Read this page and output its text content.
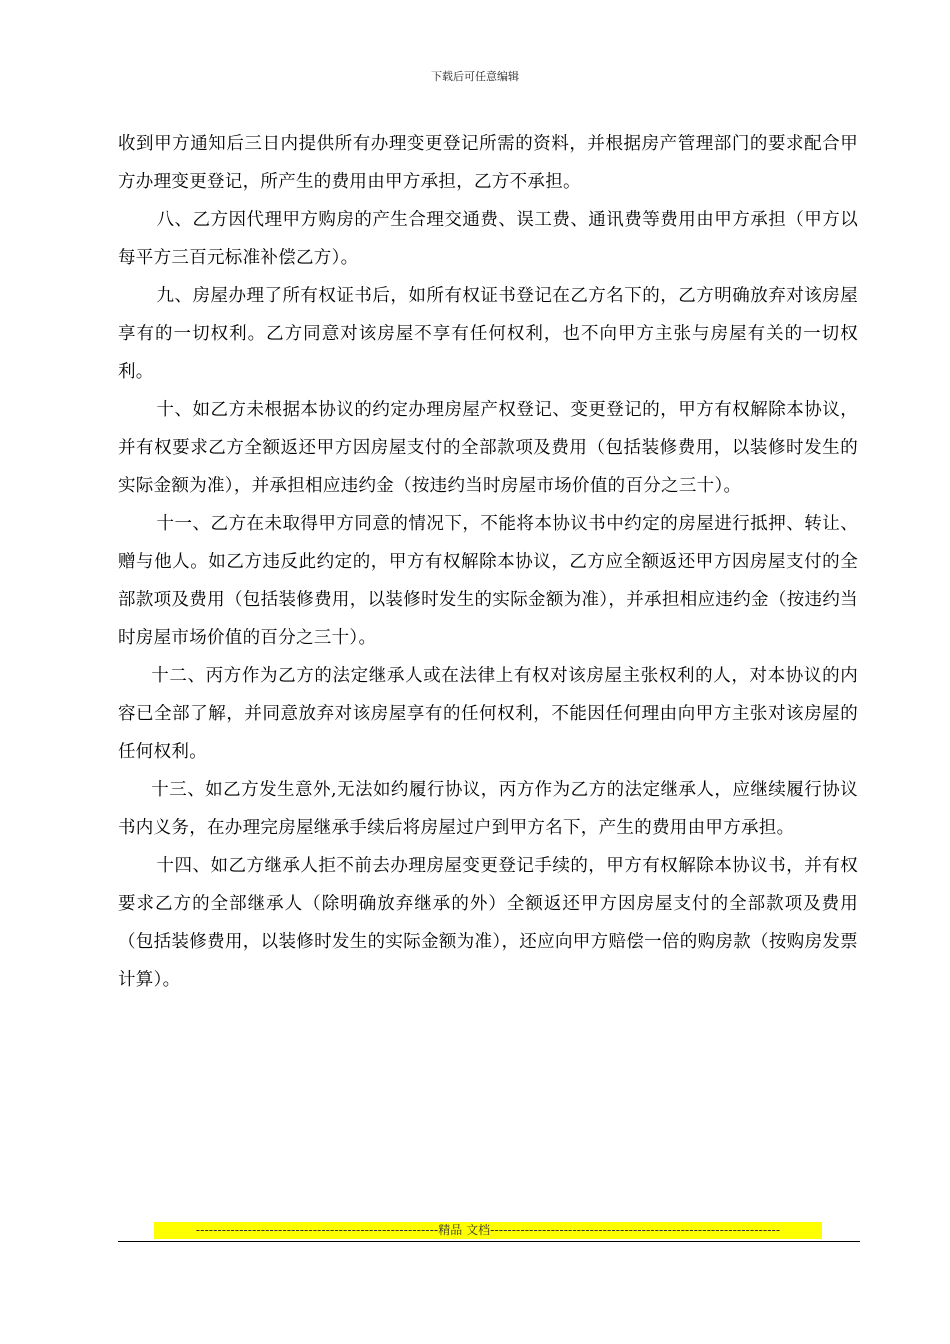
下载后可任意编辑

收到甲方通知后三日内提供所有办理变更登记所需的资料，并根据房产管理部门的要求配合甲方办理变更登记，所产生的费用由甲方承担，乙方不承担。

八、乙方因代理甲方购房的产生合理交通费、误工费、通讯费等费用由甲方承担（甲方以每平方三百元标准补偿乙方）。

九、房屋办理了所有权证书后，如所有权证书登记在乙方名下的，乙方明确放弃对该房屋享有的一切权利。乙方同意对该房屋不享有任何权利，也不向甲方主张与房屋有关的一切权利。

十、如乙方未根据本协议的约定办理房屋产权登记、变更登记的，甲方有权解除本协议，并有权要求乙方全额返还甲方因房屋支付的全部款项及费用（包括装修费用，以装修时发生的实际金额为准），并承担相应违约金（按违约当时房屋市场价值的百分之三十）。

十一、乙方在未取得甲方同意的情况下，不能将本协议书中约定的房屋进行抵押、转让、赠与他人。如乙方违反此约定的，甲方有权解除本协议，乙方应全额返还甲方因房屋支付的全部款项及费用（包括装修费用，以装修时发生的实际金额为准），并承担相应违约金（按违约当时房屋市场价值的百分之三十）。

十二、丙方作为乙方的法定继承人或在法律上有权对该房屋主张权利的人，对本协议的内容已全部了解，并同意放弃对该房屋享有的任何权利，不能因任何理由向甲方主张对该房屋的任何权利。

十三、如乙方发生意外,无法如约履行协议，丙方作为乙方的法定继承人，应继续履行协议书内义务，在办理完房屋继承手续后将房屋过户到甲方名下，产生的费用由甲方承担。

十四、如乙方继承人拒不前去办理房屋变更登记手续的，甲方有权解除本协议书，并有权要求乙方的全部继承人（除明确放弃继承的外）全额返还甲方因房屋支付的全部款项及费用（包括装修费用，以装修时发生的实际金额为准），还应向甲方赔偿一倍的购房款（按购房发票计算）。

--------------------------------------------------------精品 文档-------------------------------------------------------------------
